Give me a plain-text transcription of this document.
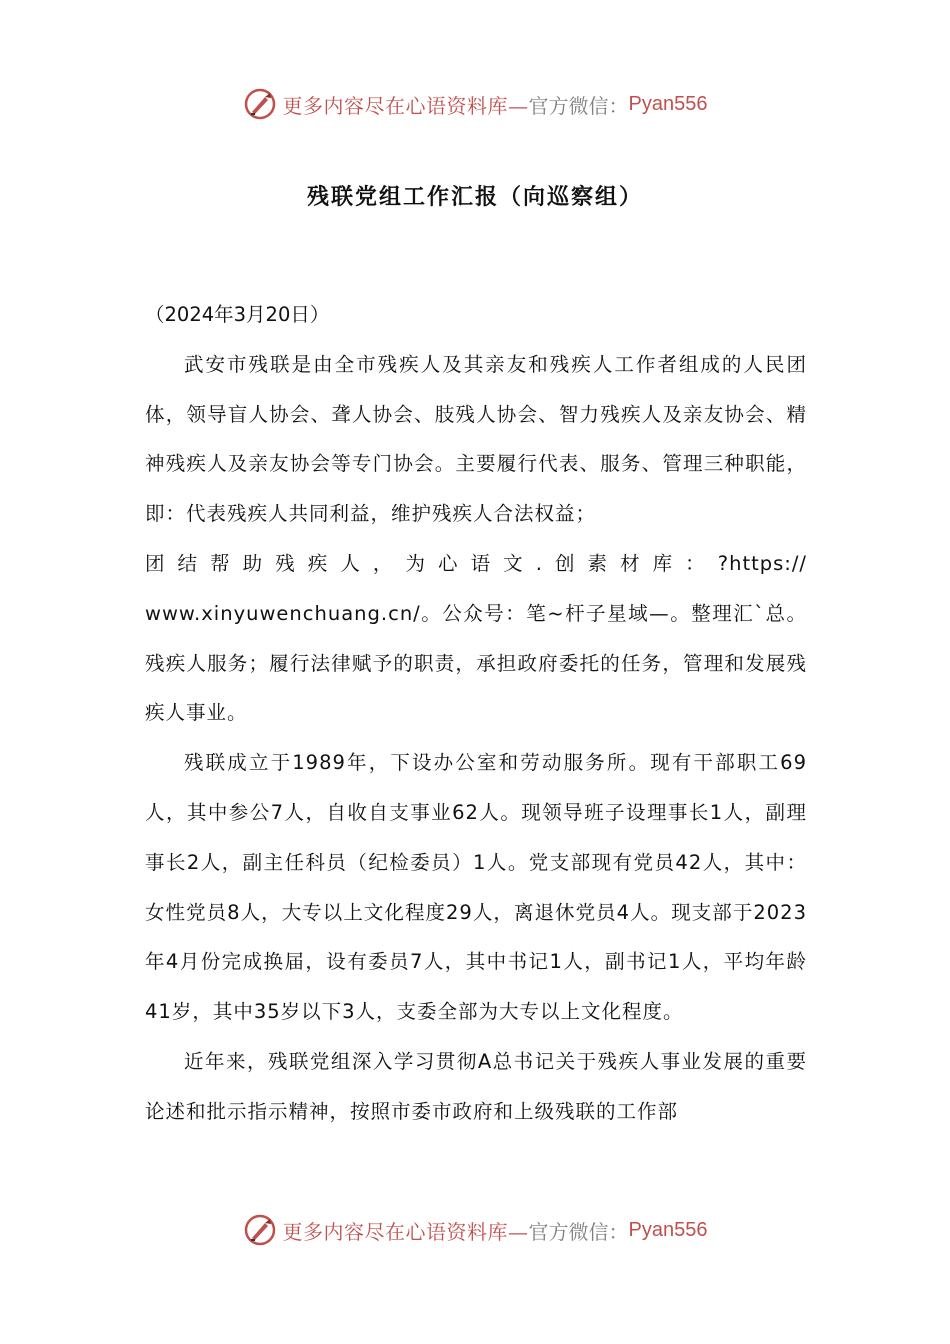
更多内容尽在心语资料库— 官方微信： Pyan556
残联党组工作汇报（向巡察组）

（2024年3月20日）

武安市残联是由全市残疾人及其亲友和残疾人工作者组成的人民团体，领导盲人协会、聋人协会、肢残人协会、智力残疾人及亲友协会、精神残疾人及亲友协会等专门协会。主要履行代表、服务、管理三种职能，即：代表残疾人共同利益，维护残疾人合法权益；
团结帮助残疾人，为心语文.创素材库：?https://
www.xinyuwenchuang.cn/。公众号：笔~杆子星域—。整理汇`总。残疾人服务；履行法律赋予的职责，承担政府委托的任务，管理和发展残疾人事业。

残联成立于1989年，下设办公室和劳动服务所。现有干部职工69人，其中参公7人，自收自支事业62人。现领导班子设理事长1人，副理事长2人，副主任科员（纪检委员）1人。党支部现有党员42人，其中：女性党员8人，大专以上文化程度29人，离退休党员4人。现支部于2023年4月份完成换届，设有委员7人，其中书记1人，副书记1人，平均年龄41岁，其中35岁以下3人，支委全部为大专以上文化程度。

近年来，残联党组深入学习贯彻A总书记关于残疾人事业发展的重要论述和批示指示精神，按照市委市政府和上级残联的工作部

更多内容尽在心语资料库— 官方微信： Pyan556
